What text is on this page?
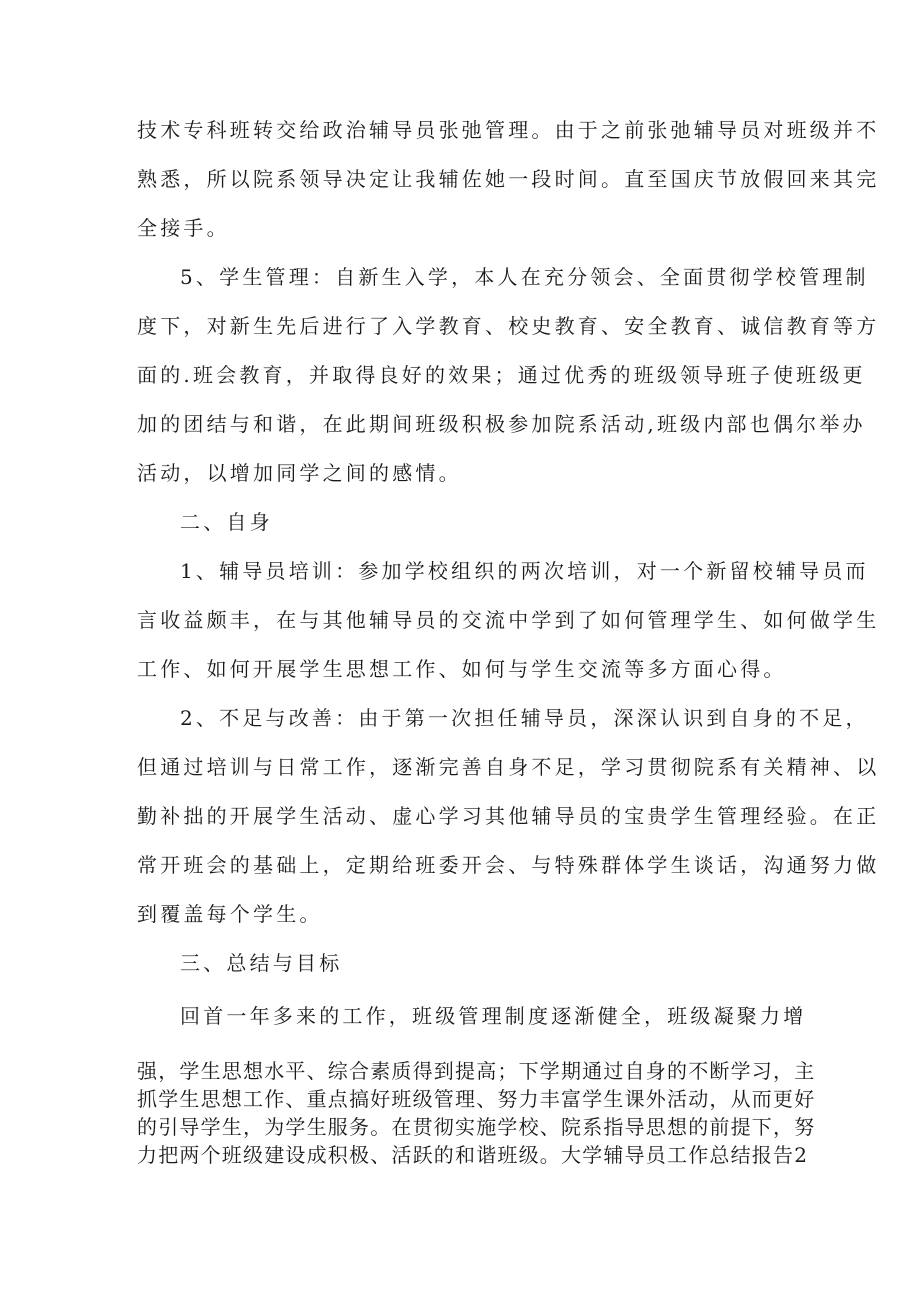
技术专科班转交给政治辅导员张弛管理。由于之前张弛辅导员对班级并不
熟悉，所以院系领导决定让我辅佐她一段时间。直至国庆节放假回来其完
全接手。
5、学生管理：自新生入学，本人在充分领会、全面贯彻学校管理制
度下，对新生先后进行了入学教育、校史教育、安全教育、诚信教育等方
面的.班会教育，并取得良好的效果；通过优秀的班级领导班子使班级更
加的团结与和谐，在此期间班级积极参加院系活动,班级内部也偶尔举办
活动，以增加同学之间的感情。
二、自身
1、辅导员培训：参加学校组织的两次培训，对一个新留校辅导员而
言收益颇丰，在与其他辅导员的交流中学到了如何管理学生、如何做学生
工作、如何开展学生思想工作、如何与学生交流等多方面心得。
2、不足与改善：由于第一次担任辅导员，深深认识到自身的不足，
但通过培训与日常工作，逐渐完善自身不足，学习贯彻院系有关精神、以
勤补拙的开展学生活动、虚心学习其他辅导员的宝贵学生管理经验。在正
常开班会的基础上，定期给班委开会、与特殊群体学生谈话，沟通努力做
到覆盖每个学生。
三、总结与目标
回首一年多来的工作，班级管理制度逐渐健全，班级凝聚力增
强，学生思想水平、综合素质得到提高；下学期通过自身的不断学习，主
抓学生思想工作、重点搞好班级管理、努力丰富学生课外活动，从而更好
的引导学生，为学生服务。在贯彻实施学校、院系指导思想的前提下，努
力把两个班级建设成积极、活跃的和谐班级。大学辅导员工作总结报告2
